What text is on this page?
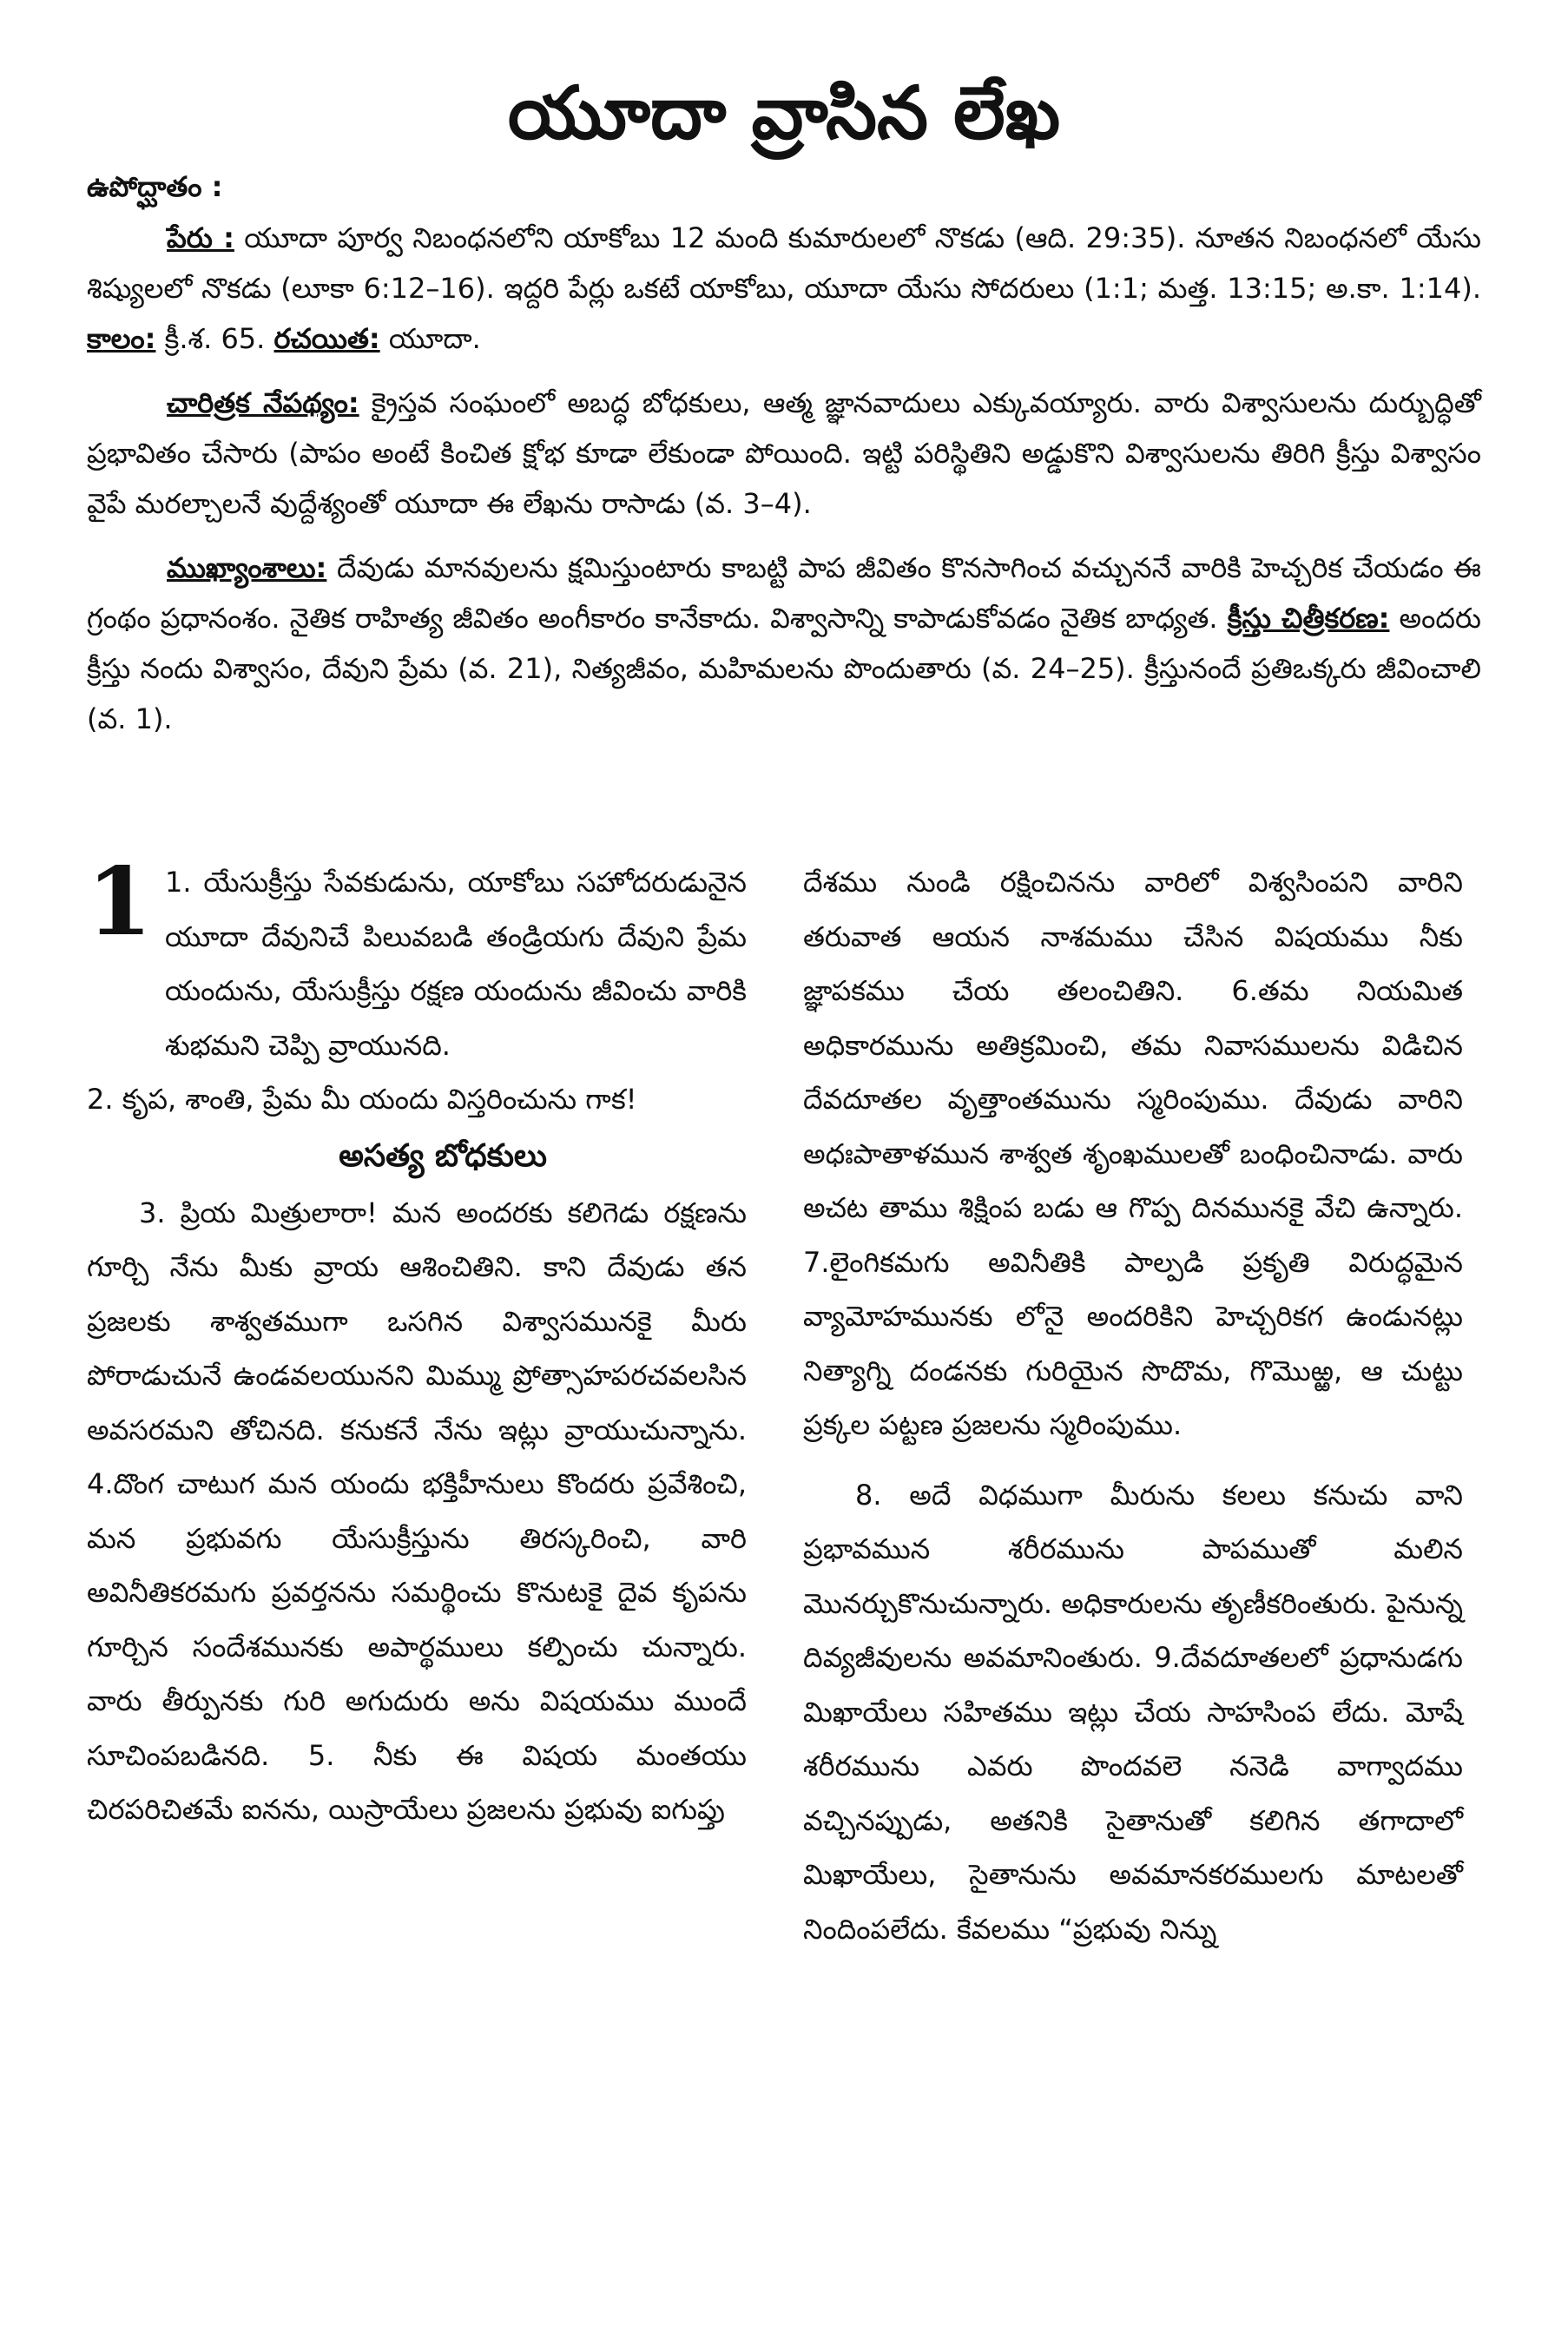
యూదా వ్రాసిన లేఖ
ఉపోద్ఘాతం :

పేరు : యూదా పూర్వ నిబంధనలోని యాకోబు 12 మంది కుమారులలో నొకడు (ఆది. 29:35). నూతన నిబంధనలో యేసు శిష్యులలో నొకడు (లూకా 6:12–16). ఇద్దరి పేర్లు ఒకటే యాకోబు, యూదా యేసు సోదరులు (1:1; మత్త. 13:15; అ.కా. 1:14). కాలం: క్రీ.శ. 65. రచయిత: యూదా.

చారిత్రక నేపథ్యం: క్రైస్తవ సంఘంలో అబద్ధ బోధకులు, ఆత్మ జ్ఞానవాదులు ఎక్కువయ్యారు. వారు విశ్వాసులను దుర్బుద్ధితో ప్రభావితం చేసారు (పాపం అంటే కించిత క్షోభ కూడా లేకుండా పోయింది. ఇట్టి పరిస్థితిని అడ్డుకొని విశ్వాసులను తిరిగి క్రీస్తు విశ్వాసం వైపే మరల్చాలనే వుద్దేశ్యంతో యూదా ఈ లేఖను రాసాడు (వ. 3–4).

ముఖ్యాంశాలు: దేవుడు మానవులను క్షమిస్తుంటారు కాబట్టి పాప జీవితం కొనసాగించ వచ్చుననే వారికి హెచ్చరిక చేయడం ఈ గ్రంథం ప్రధానంశం. నైతిక రాహిత్య జీవితం అంగీకారం కానేకాదు. విశ్వాసాన్ని కాపాడుకోవడం నైతిక బాధ్యత. క్రీస్తు చిత్రీకరణ: అందరు క్రీస్తు నందు విశ్వాసం, దేవుని ప్రేమ (వ. 21), నిత్యజీవం, మహిమలను పొందుతారు (వ. 24–25). క్రీస్తునందే ప్రతిఒక్కరు జీవించాలి (వ. 1).

1 1. యేసుక్రీస్తు సేవకుడును, యాకోబు సహోదరుడునైన యూదా దేవునిచే పిలువబడి తండ్రియగు దేవుని ప్రేమ యందును, యేసుక్రీస్తు రక్షణ యందును జీవించు వారికి శుభమని చెప్పి వ్రాయునది.

2. కృప, శాంతి, ప్రేమ మీ యందు విస్తరించును గాక!

అసత్య బోధకులు

3. ప్రియ మిత్రులారా! మన అందరకు కలిగెడు రక్షణను గూర్చి నేను మీకు వ్రాయ ఆశించితిని. కాని దేవుడు తన ప్రజలకు శాశ్వతముగా ఒసగిన విశ్వాసమునకై మీరు పోరాడుచునే ఉండవలయునని మిమ్ము ప్రోత్సాహపరచవలసిన అవసరమని తోచినది. కనుకనే నేను ఇట్లు వ్రాయుచున్నాను. 4.దొంగ చాటుగ మన యందు భక్తిహీనులు కొందరు ప్రవేశించి, మన ప్రభువగు యేసుక్రీస్తును తిరస్కరించి, వారి అవినీతికరమగు ప్రవర్తనను సమర్థించు కొనుటకై దైవ కృపను గూర్చిన సందేశమునకు అపార్థములు కల్పించు చున్నారు. వారు తీర్పునకు గురి అగుదురు అను విషయము ముందే సూచింపబడినది. 5. నీకు ఈ విషయ మంతయు చిరపరిచితమే ఐనను, యిస్రాయేలు ప్రజలను ప్రభువు ఐగుప్తు

దేశము నుండి రక్షించినను వారిలో విశ్వసింపని వారిని తరువాత ఆయన నాశమము చేసిన విషయము నీకు జ్ఞాపకము చేయ తలంచితిని. 6.తమ నియమిత అధికారమును అతిక్రమించి, తమ నివాసములను విడిచిన దేవదూతల వృత్తాంతమును స్మరింపుము. దేవుడు వారిని అధఃపాతాళమున శాశ్వత శృంఖములతో బంధించినాడు. వారు అచట తాము శిక్షింప బడు ఆ గొప్ప దినమునకై వేచి ఉన్నారు. 7.లైంగికమగు అవినీతికి పాల్పడి ప్రకృతి విరుద్ధమైన వ్యామోహమునకు లోనై అందరికిని హెచ్చరికగ ఉండునట్లు నిత్యాగ్ని దండనకు గురియైన సొదొమ, గొమొఱ్ఱ, ఆ చుట్టు ప్రక్కల పట్టణ ప్రజలను స్మరింపుము.

8. అదే విధముగా మీరును కలలు కనుచు వాని ప్రభావమున శరీరమును పాపముతో మలిన మొనర్చుకొనుచున్నారు. అధికారులను తృణీకరింతురు. పైనున్న దివ్యజీవులను అవమానింతురు. 9.దేవదూతలలో ప్రధానుడగు మిఖాయేలు సహితము ఇట్లు చేయ సాహసింప లేదు. మోషే శరీరమును ఎవరు పొందవలె ననెడి వాగ్వాదము వచ్చినప్పుడు, అతనికి సైతానుతో కలిగిన తగాదాలో మిఖాయేలు, సైతానును అవమానకరములగు మాటలతో నిందింపలేదు. కేవలము “ప్రభువు నిన్ను
